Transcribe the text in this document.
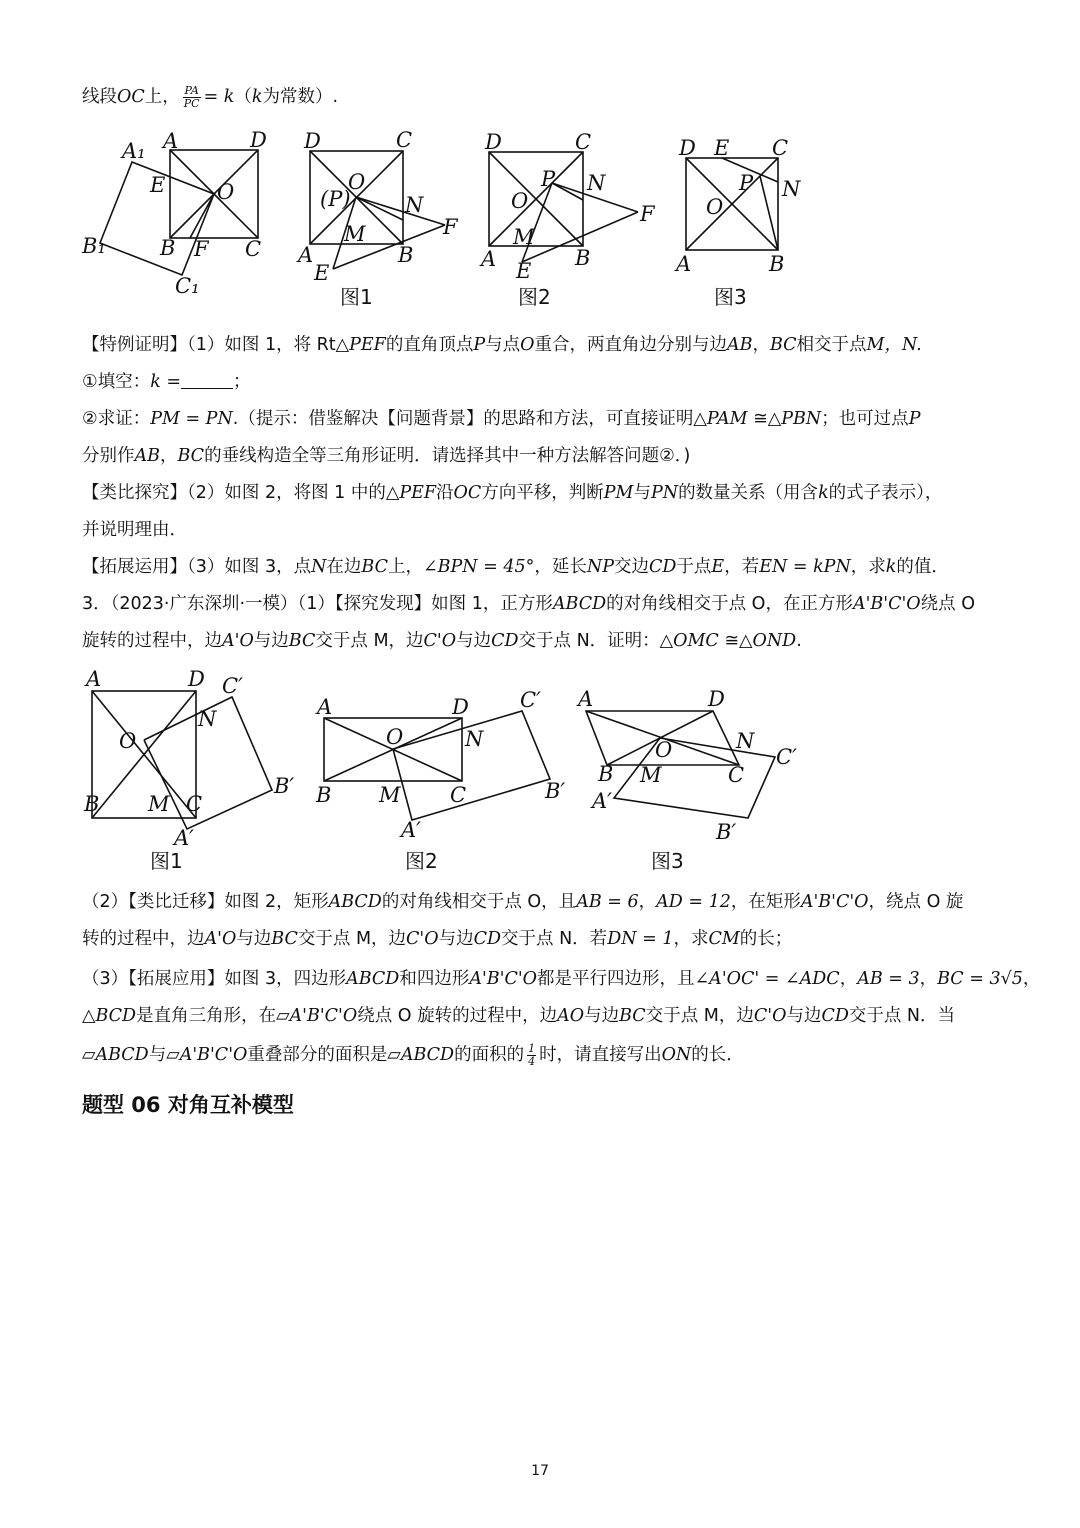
线段OC上， $\frac{PA}{PC} = k(k$为常数）.
A₁ A	D
E O
B₁	B F C
C₁
D	C
O
(P)	N
F
M
A	B
E
图1
D	C
P N
O
F
M
A	B
E
图2
D E C
P N
O
A	B
图3
A	D C′
N
O
B′
B M C
A′
图1
A	D C′
O	N
B M C	B′
A′
图2
A	D
O	N
C′
B M	C
A′
B′
图3
【特例证明】（1）如图 1，将 Rt△PEF的直角顶点P与点O重合，两直角边分别与边AB，BC相交于点M，N.
①填空：k =	；
②求证：PM = PN.（提示：借鉴解决【问题背景】的思路和方法，可直接证明△PAM ≅△PBN；也可过点P
分别作AB，BC的垂线构造全等三角形证明．请选择其中一种方法解答问题②．)
【类比探究】（2）如图 2，将图 1 中的△PEF沿OC方向平移，判断PM与PN的数量关系（用含k的式子表示），
并说明理由．
【拓展运用】（3）如图 3，点N在边BC上，∠BPN = 45°，延长NP交边CD于点E，若EN = kPN，求k的值．
3．（2023·广东深圳·一模）（1）【探究发现】如图 1，正方形ABCD的对角线相交于点 O，在正方形A'B'C'O绕点 O
旋转的过程中，边A'O与边BC交于点 M，边C'O与边CD交于点 N．证明：△OMC ≅△OND.
（2）【类比迁移】如图 2，矩形ABCD的对角线相交于点 O，且AB = 6，AD = 12，在矩形A'B'C'O，绕点 O 旋
转的过程中，边A'O与边BC交于点 M，边C'O与边CD交于点 N．若DN = 1，求CM的长；
（3）【拓展应用】如图 3，四边形ABCD和四边形A'B'C'O都是平行四边形，且∠A'OC' = ∠ADC，AB = 3，BC = 3√5，
△BCD是直角三角形，在▱A'B'C'O绕点 O 旋转的过程中，边AO与边BC交于点 M，边C'O与边CD交于点 N．当
▱ABCD与▱A'B'C'O重叠部分的面积是▱ABCD的面积的 $\frac{1}{4}$ 时，请直接写出ON的长．
题型 06 对角互补模型
17
